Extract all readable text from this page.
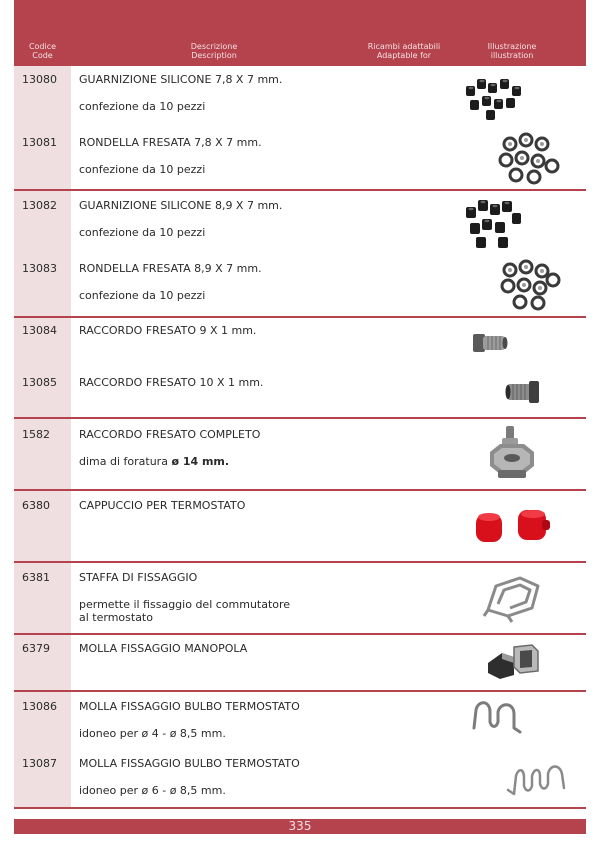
Codice
Code
Descrizione
Description
Ricambi adattabili
Adaptable for
Illustrazione
illustration
13080 GUARNIZIONE SILICONE 7,8 X 7 mm.
confezione da 10 pezzi
13081 RONDELLA FRESATA 7,8 X 7 mm.
confezione da 10 pezzi
13082 GUARNIZIONE SILICONE 8,9 X 7 mm.
confezione da 10 pezzi
13083 RONDELLA FRESATA 8,9 X 7 mm.
confezione da 10 pezzi
13084 RACCORDO FRESATO 9 X 1 mm.
13085 RACCORDO FRESATO 10 X 1 mm.
1582	RACCORDO FRESATO COMPLETO
dima di foratura ø 14 mm.
6380	CAPPUCCIO PER TERMOSTATO
6381	STAFFA DI FISSAGGIO
permette il fissaggio del commutatore
al termostato
6379	MOLLA FISSAGGIO MANOPOLA
13086 MOLLA FISSAGGIO BULBO TERMOSTATO
idoneo per ø 4 - ø 8,5 mm.
13087 MOLLA FISSAGGIO BULBO TERMOSTATO
idoneo per ø 6 - ø 8,5 mm.
335
